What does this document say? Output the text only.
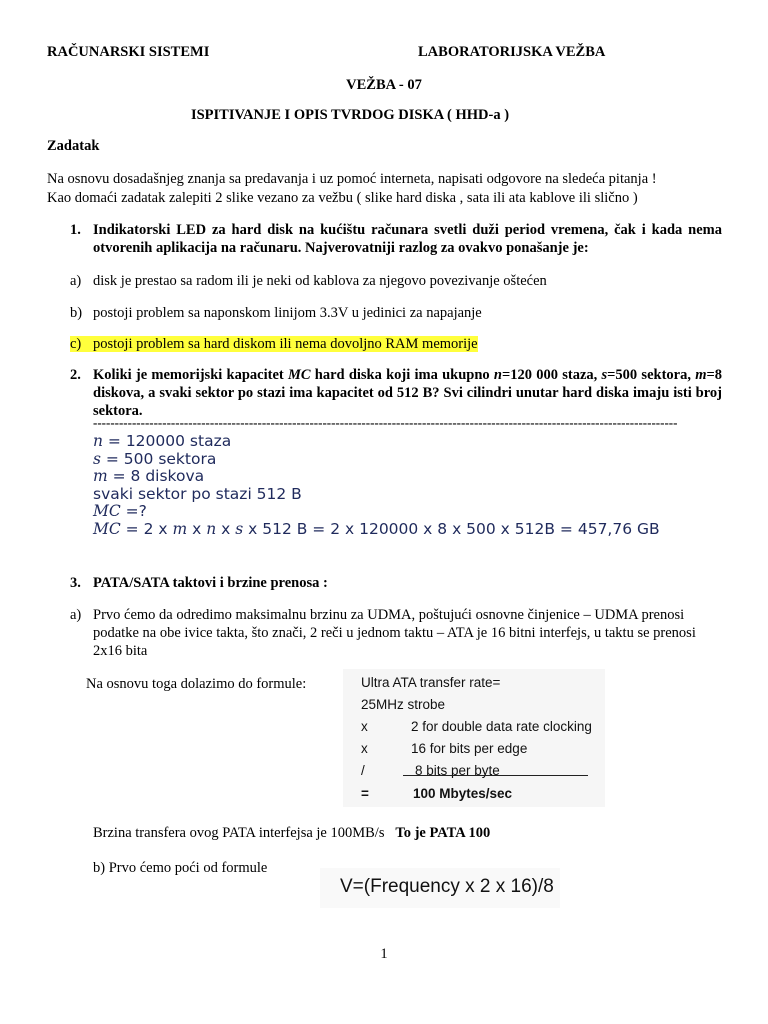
RAČUNARSKI SISTEMI	LABORATORIJSKA VEŽBA
VEŽBA - 07
ISPITIVANJE I OPIS TVRDOG DISKA ( HHD-a )
Zadatak
Na osnovu dosadašnjeg znanja sa predavanja i uz pomoć interneta, napisati odgovore na sledeća pitanja !
Kao domaći zadatak zalepiti 2 slike vezano za vežbu ( slike hard diska , sata ili ata kablove ili slično )
1. Indikatorski LED za hard disk na kućištu računara svetli duži period vremena, čak i kada nema otvorenih aplikacija na računaru. Najverovatniji razlog za ovakvo ponašanje je:
a) disk je prestao sa radom ili je neki od kablova za njegovo povezivanje oštećen
b) postoji problem sa naponskom linijom 3.3V u jedinici za napajanje
c) postoji problem sa hard diskom ili nema dovoljno RAM memorije
2. Koliki je memorijski kapacitet MC hard diska koji ima ukupno n=120 000 staza, s=500 sektora, m=8 diskova, a svaki sektor po stazi ima kapacitet od 512 B? Svi cilindri unutar hard diska imaju isti broj sektora.
---------------------------------------------------------------------------------------------------------------------------------------
n = 120000 staza
s = 500 sektora
m = 8 diskova
svaki sektor po stazi 512 B
MC =?
MC = 2 x m x n x s x 512 B = 2 x 120000 x 8 x 500 x 512B = 457,76 GB
3. PATA/SATA taktovi i brzine prenosa :
a) Prvo ćemo da odredimo maksimalnu brzinu za UDMA, poštujući osnovne činjenice – UDMA prenosi podatke na obe ivice takta, što znači, 2 reči u jednom taktu – ATA je 16 bitni interfejs, u taktu se prenosi 2x16 bita
Na osnovu toga dolazimo do formule:	Ultra ATA transfer rate=
25MHz strobe
x	2 for double data rate clocking
x	16 for bits per edge
/	8 bits per byte
=	100 Mbytes/sec
Brzina transfera ovog PATA interfejsa je 100MB/s To je PATA 100
b) Prvo ćemo poći od formule
V=(Frequency x 2 x 16)/8
1
